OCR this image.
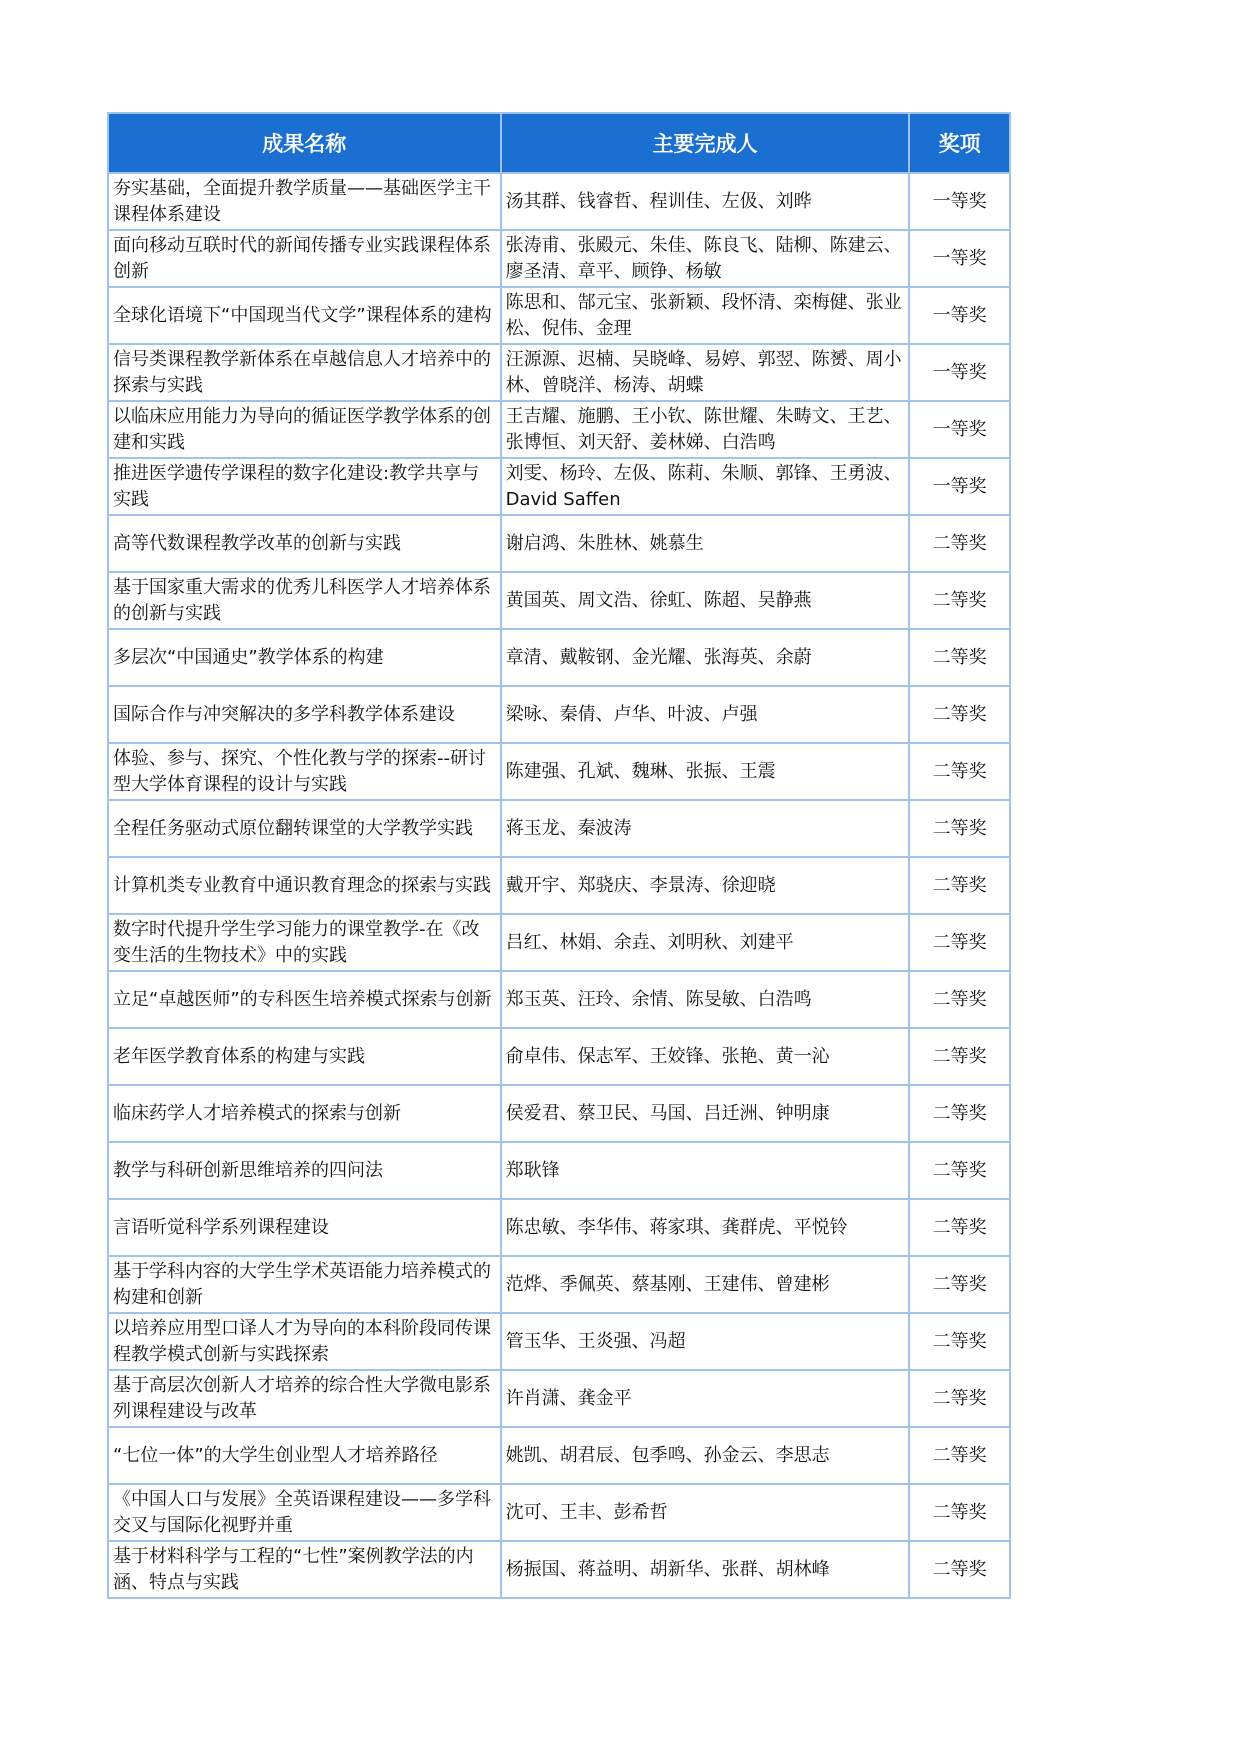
成果名称	主要完成人	奖项
夯实基础，全面提升教学质量——基础医学主干课程体系建设	汤其群、钱睿哲、程训佳、左伋、刘晔	一等奖
面向移动互联时代的新闻传播专业实践课程体系创新	张涛甫、张殿元、朱佳、陈良飞、陆柳、陈建云、廖圣清、章平、顾铮、杨敏	一等奖
全球化语境下“中国现当代文学”课程体系的建构	陈思和、郜元宝、张新颖、段怀清、栾梅健、张业松、倪伟、金理	一等奖
信号类课程教学新体系在卓越信息人才培养中的探索与实践	汪源源、迟楠、吴晓峰、易婷、郭翌、陈赟、周小林、曾晓洋、杨涛、胡蝶	一等奖
以临床应用能力为导向的循证医学教学体系的创建和实践	王吉耀、施鹏、王小钦、陈世耀、朱畴文、王艺、张博恒、刘天舒、姜林娣、白浩鸣	一等奖
推进医学遗传学课程的数字化建设:教学共享与实践	刘雯、杨玲、左伋、陈莉、朱顺、郭锋、王勇波、David Saffen	一等奖
高等代数课程教学改革的创新与实践	谢启鸿、朱胜林、姚慕生	二等奖
基于国家重大需求的优秀儿科医学人才培养体系的创新与实践	黄国英、周文浩、徐虹、陈超、吴静燕	二等奖
多层次“中国通史”教学体系的构建	章清、戴鞍钢、金光耀、张海英、余蔚	二等奖
国际合作与冲突解决的多学科教学体系建设	梁咏、秦倩、卢华、叶波、卢强	二等奖
体验、参与、探究、个性化教与学的探索--研讨型大学体育课程的设计与实践	陈建强、孔斌、魏琳、张振、王震	二等奖
全程任务驱动式原位翻转课堂的大学教学实践	蒋玉龙、秦波涛	二等奖
计算机类专业教育中通识教育理念的探索与实践	戴开宇、郑骁庆、李景涛、徐迎晓	二等奖
数字时代提升学生学习能力的课堂教学-在《改变生活的生物技术》中的实践	吕红、林娟、余垚、刘明秋、刘建平	二等奖
立足“卓越医师”的专科医生培养模式探索与创新	郑玉英、汪玲、余情、陈旻敏、白浩鸣	二等奖
老年医学教育体系的构建与实践	俞卓伟、保志军、王姣锋、张艳、黄一沁	二等奖
临床药学人才培养模式的探索与创新	侯爱君、蔡卫民、马国、吕迁洲、钟明康	二等奖
教学与科研创新思维培养的四问法	郑耿锋	二等奖
言语听觉科学系列课程建设	陈忠敏、李华伟、蒋家琪、龚群虎、平悦铃	二等奖
基于学科内容的大学生学术英语能力培养模式的构建和创新	范烨、季佩英、蔡基刚、王建伟、曾建彬	二等奖
以培养应用型口译人才为导向的本科阶段同传课程教学模式创新与实践探索	管玉华、王炎强、冯超	二等奖
基于高层次创新人才培养的综合性大学微电影系列课程建设与改革	许肖潇、龚金平	二等奖
“七位一体”的大学生创业型人才培养路径	姚凯、胡君辰、包季鸣、孙金云、李思志	二等奖
《中国人口与发展》全英语课程建设——多学科交叉与国际化视野并重	沈可、王丰、彭希哲	二等奖
基于材料科学与工程的“七性”案例教学法的内涵、特点与实践	杨振国、蒋益明、胡新华、张群、胡林峰	二等奖
